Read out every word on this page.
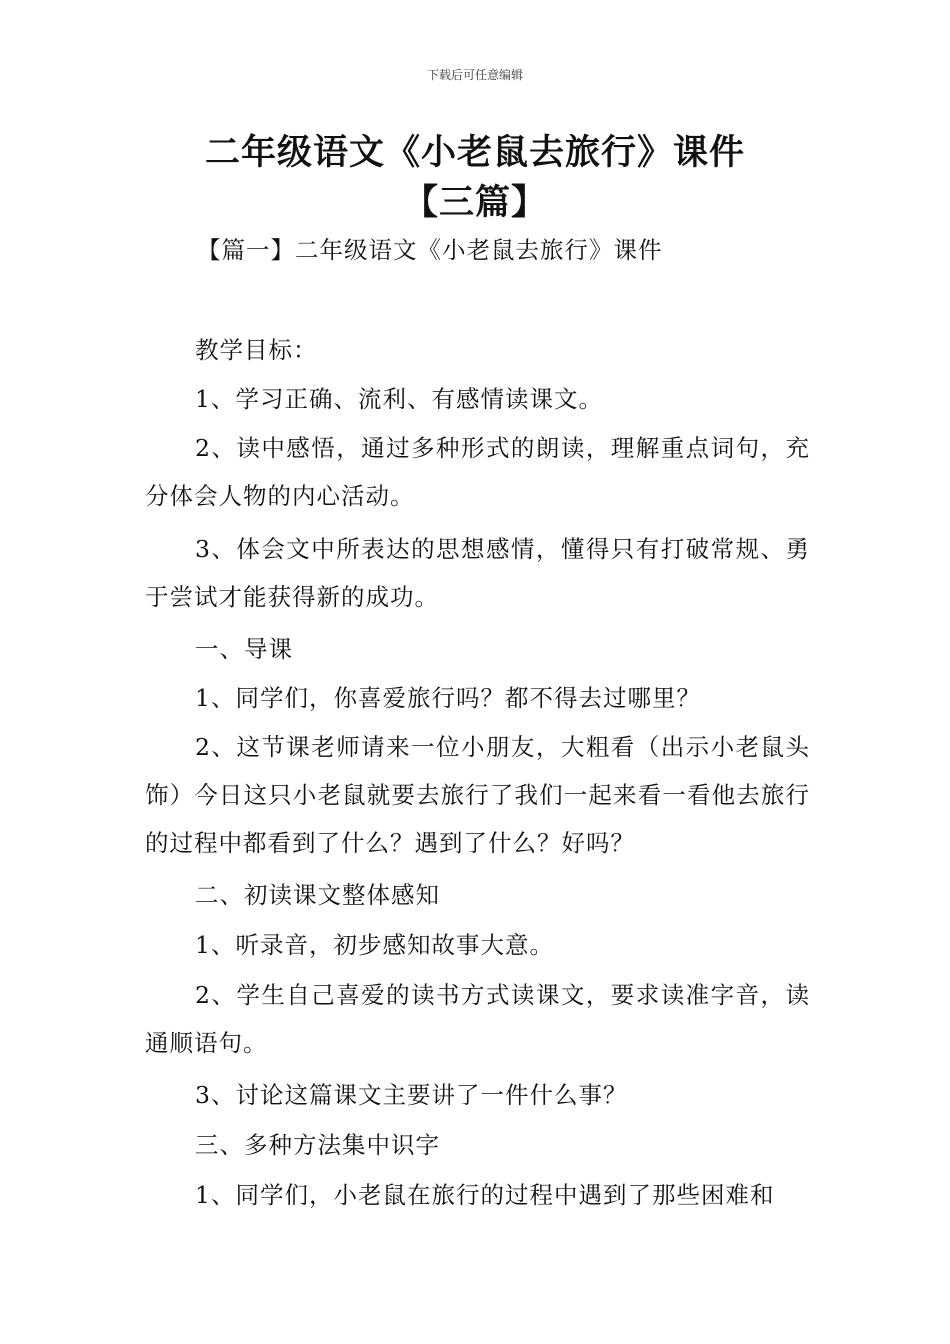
下载后可任意编辑
二年级语文《小老鼠去旅行》课件【三篇】
【篇一】二年级语文《小老鼠去旅行》课件
教学目标：
1、学习正确、流利、有感情读课文。
2、读中感悟，通过多种形式的朗读，理解重点词句，充分体会人物的内心活动。
3、体会文中所表达的思想感情，懂得只有打破常规、勇于尝试才能获得新的成功。
一、导课
1、同学们，你喜爱旅行吗？都不得去过哪里？
2、这节课老师请来一位小朋友，大粗看（出示小老鼠头饰）今日这只小老鼠就要去旅行了我们一起来看一看他去旅行的过程中都看到了什么？遇到了什么？好吗？
二、初读课文整体感知
1、听录音，初步感知故事大意。
2、学生自己喜爱的读书方式读课文，要求读准字音，读通顺语句。
3、讨论这篇课文主要讲了一件什么事？
三、多种方法集中识字
1、同学们，小老鼠在旅行的过程中遇到了那些困难和
